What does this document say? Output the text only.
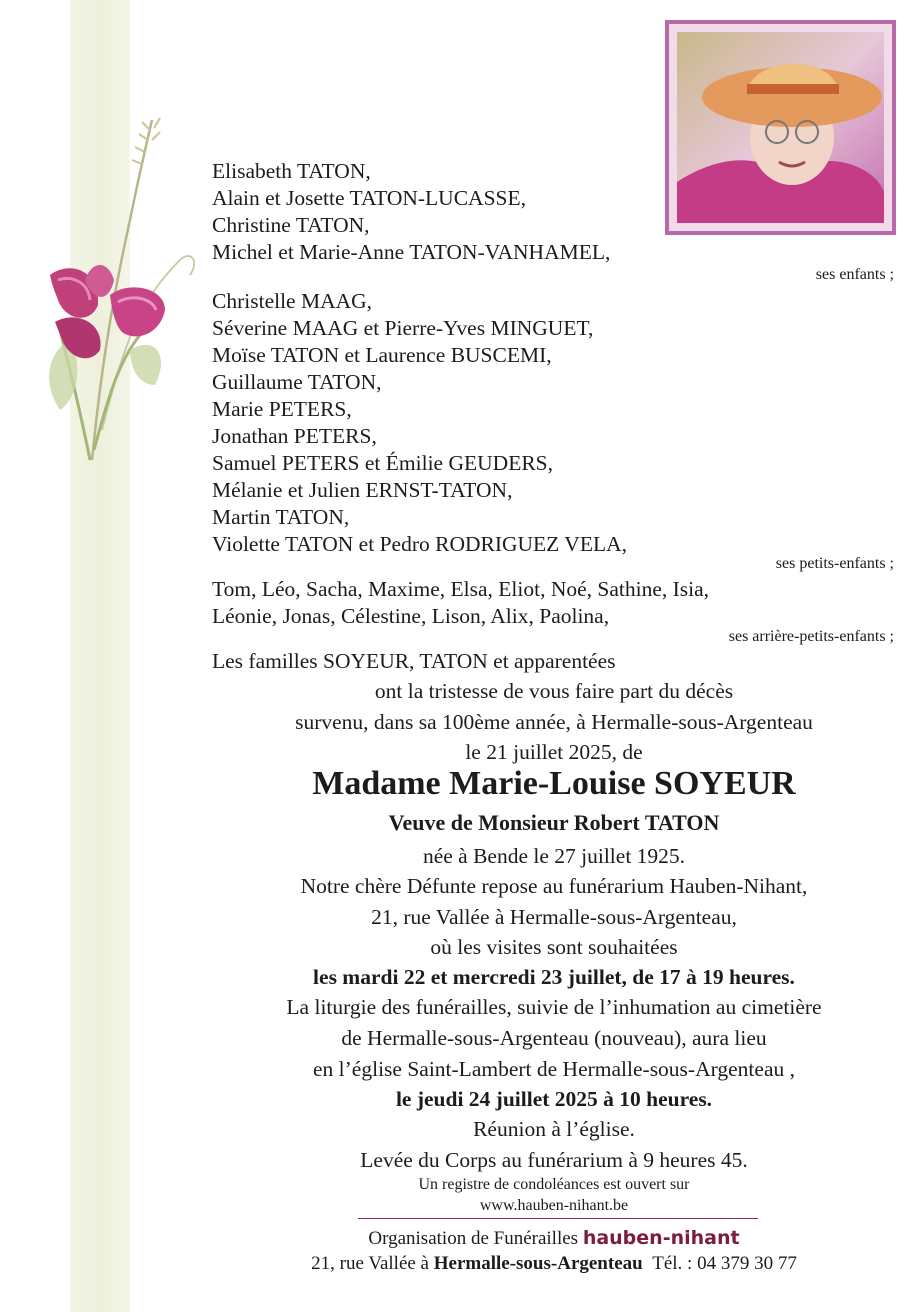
Elisabeth TATON,
Alain et Josette TATON-LUCASSE,
Christine TATON,
Michel et Marie-Anne TATON-VANHAMEL,
ses enfants ;
Christelle MAAG,
Séverine MAAG et Pierre-Yves MINGUET,
Moïse TATON et Laurence BUSCEMI,
Guillaume TATON,
Marie PETERS,
Jonathan PETERS,
Samuel PETERS et Émilie GEUDERS,
Mélanie et Julien ERNST-TATON,
Martin TATON,
Violette TATON et Pedro RODRIGUEZ VELA,
ses petits-enfants ;
Tom, Léo, Sacha, Maxime, Elsa, Eliot, Noé, Sathine, Isia,
Léonie, Jonas, Célestine, Lison, Alix, Paolina,
ses arrière-petits-enfants ;
Les familles SOYEUR, TATON et apparentées
ont la tristesse de vous faire part du décès
survenu, dans sa 100ème année, à Hermalle-sous-Argenteau
le 21 juillet 2025, de
Madame Marie-Louise SOYEUR
Veuve de Monsieur Robert TATON
née à Bende le 27 juillet 1925.
Notre chère Défunte repose au funérarium Hauben-Nihant,
21, rue Vallée à Hermalle-sous-Argenteau,
où les visites sont souhaitées
les mardi 22 et mercredi 23 juillet, de 17 à 19 heures.
La liturgie des funérailles, suivie de l’inhumation au cimetière
de Hermalle-sous-Argenteau (nouveau), aura lieu
en l’église Saint-Lambert de Hermalle-sous-Argenteau ,
le jeudi 24 juillet 2025 à 10 heures.
Réunion à l’église.
Levée du Corps au funérarium à 9 heures 45.
Un registre de condoléances est ouvert sur
www.hauben-nihant.be
Organisation de Funérailles hauben-nihant
21, rue Vallée à Hermalle-sous-Argenteau Tél. : 04 379 30 77
